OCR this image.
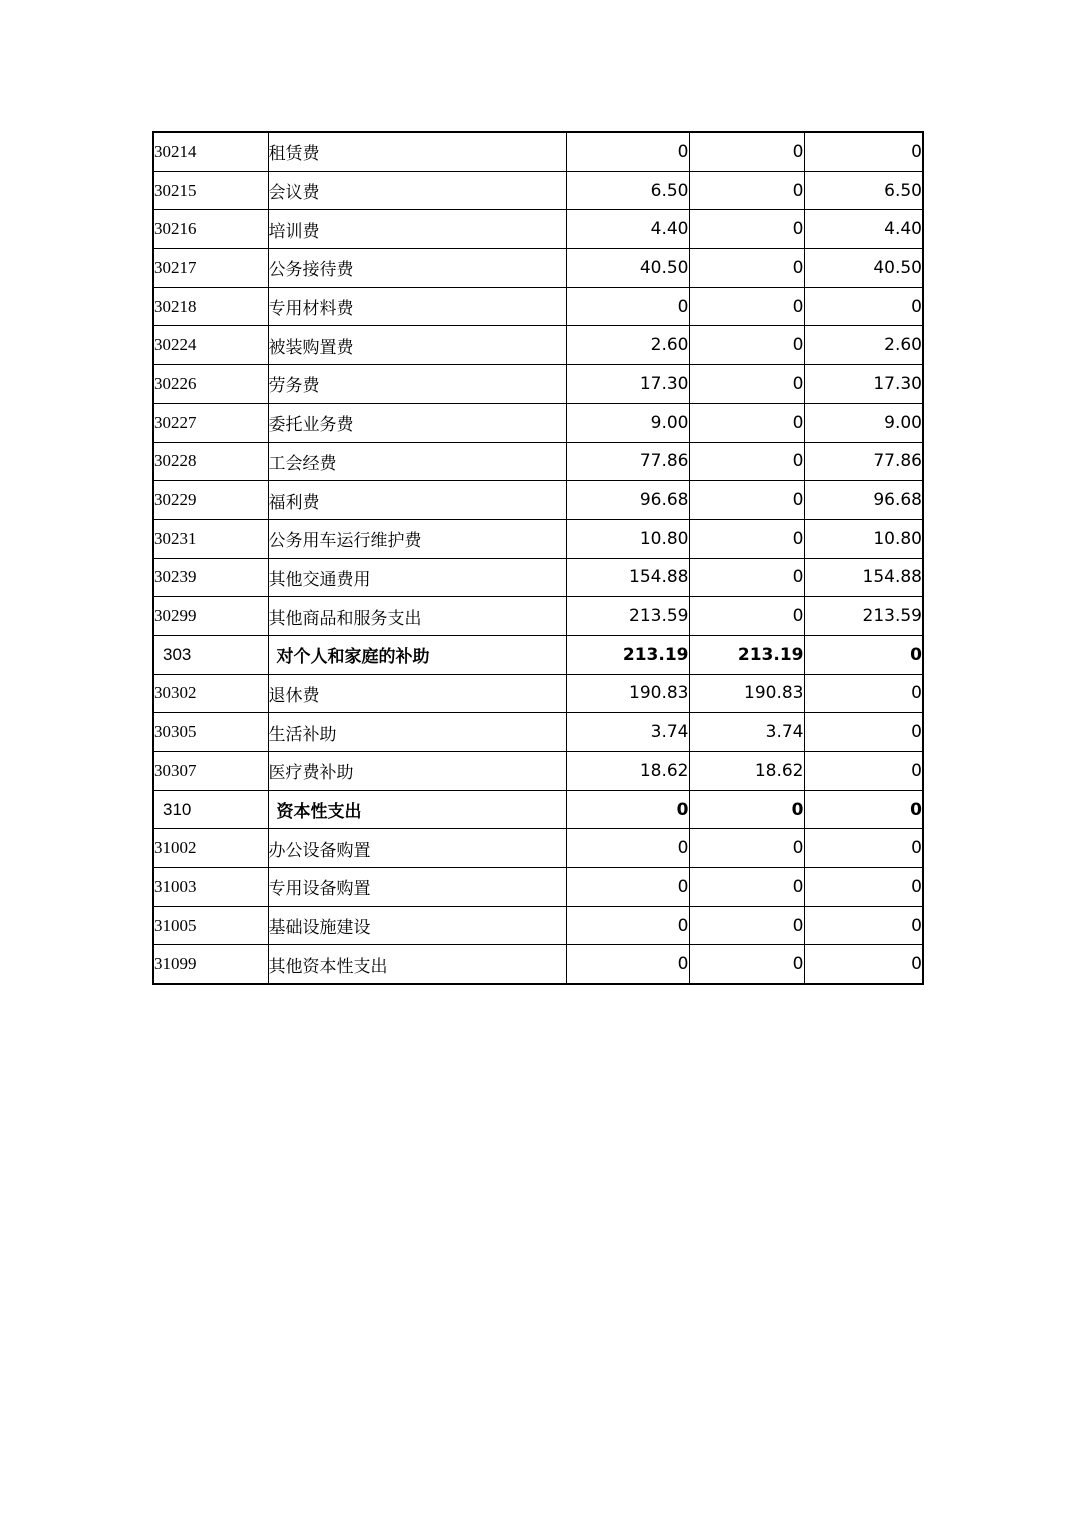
30214	租赁费	0	0	0
30215	会议费	6.50	0	6.50
30216	培训费	4.40	0	4.40
30217	公务接待费	40.50	0	40.50
30218	专用材料费	0	0	0
30224	被装购置费	2.60	0	2.60
30226	劳务费	17.30	0	17.30
30227	委托业务费	9.00	0	9.00
30228	工会经费	77.86	0	77.86
30229	福利费	96.68	0	96.68
30231	公务用车运行维护费	10.80	0	10.80
30239	其他交通费用	154.88	0	154.88
30299	其他商品和服务支出	213.59	0	213.59
303	对个人和家庭的补助	213.19	213.19	0
30302	退休费	190.83	190.83	0
30305	生活补助	3.74	3.74	0
30307	医疗费补助	18.62	18.62	0
310	资本性支出	0	0	0
31002	办公设备购置	0	0	0
31003	专用设备购置	0	0	0
31005	基础设施建设	0	0	0
31099	其他资本性支出	0	0	0
